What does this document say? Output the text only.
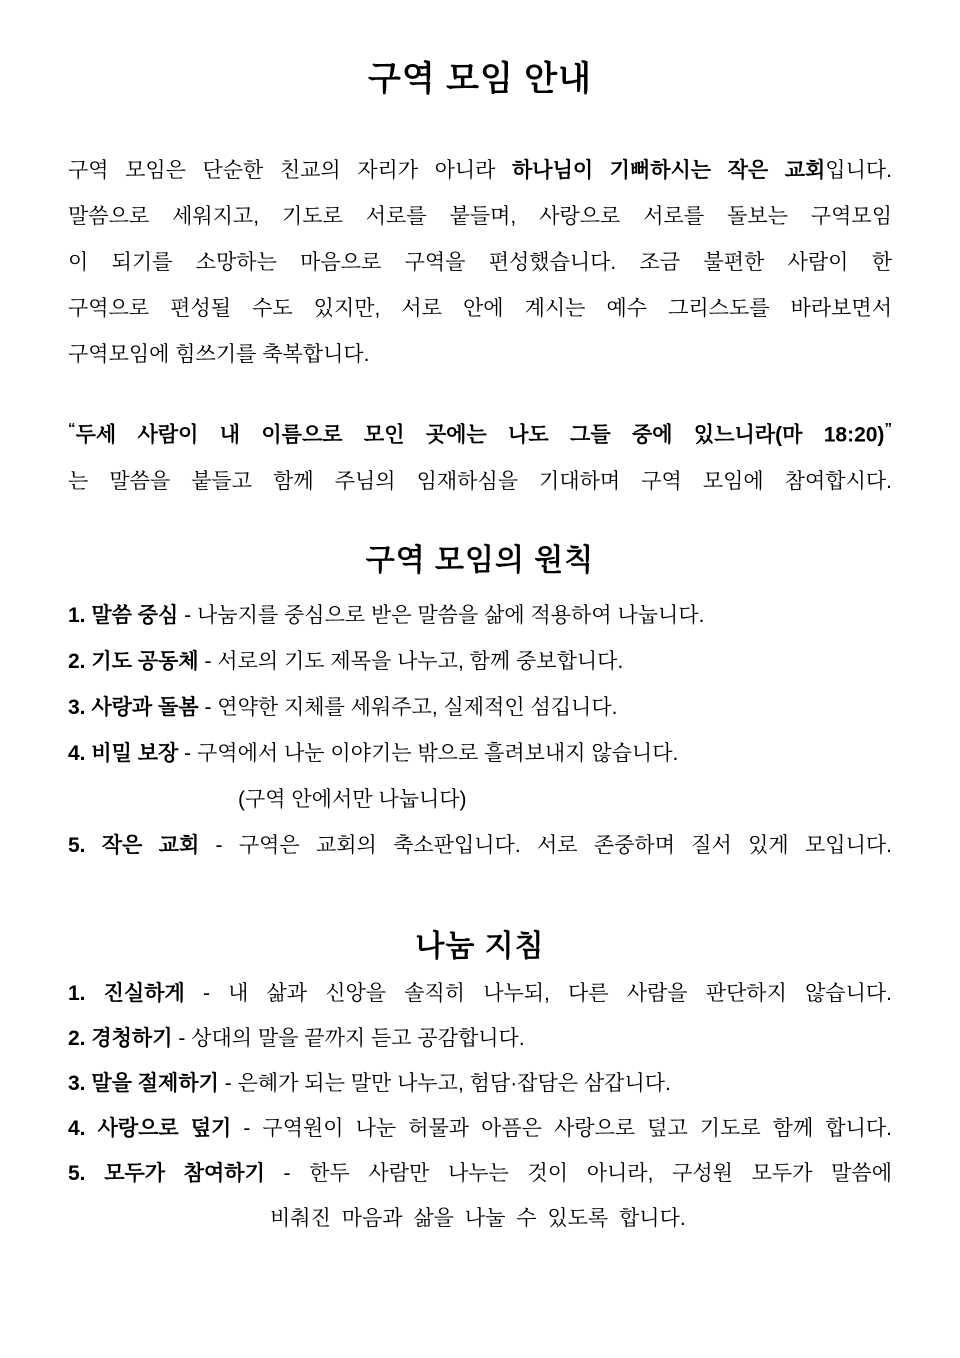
구역 모임 안내
구역 모임은 단순한 친교의 자리가 아니라 하나님이 기뻐하시는 작은 교회입니다.
말씀으로 세워지고, 기도로 서로를 붙들며, 사랑으로 서로를 돌보는 구역모임
이 되기를 소망하는 마음으로 구역을 편성했습니다. 조금 불편한 사람이 한
구역으로 편성될 수도 있지만, 서로 안에 계시는 예수 그리스도를 바라보면서
구역모임에 힘쓰기를 축복합니다.
“두세 사람이 내 이름으로 모인 곳에는 나도 그들 중에 있느니라(마 18:20)”
는 말씀을 붙들고 함께 주님의 임재하심을 기대하며 구역 모임에 참여합시다.
구역 모임의 원칙
1. 말씀 중심 - 나눔지를 중심으로 받은 말씀을 삶에 적용하여 나눕니다.
2. 기도 공동체 - 서로의 기도 제목을 나누고, 함께 중보합니다.
3. 사랑과 돌봄 - 연약한 지체를 세워주고, 실제적인 섬깁니다.
4. 비밀 보장 - 구역에서 나눈 이야기는 밖으로 흘려보내지 않습니다.
(구역 안에서만 나눕니다)
5. 작은 교회 - 구역은 교회의 축소판입니다. 서로 존중하며 질서 있게 모입니다.
나눔 지침
1. 진실하게 - 내 삶과 신앙을 솔직히 나누되, 다른 사람을 판단하지 않습니다.
2. 경청하기 - 상대의 말을 끝까지 듣고 공감합니다.
3. 말을 절제하기 - 은혜가 되는 말만 나누고, 험담·잡담은 삼갑니다.
4. 사랑으로 덮기 - 구역원이 나눈 허물과 아픔은 사랑으로 덮고 기도로 함께 합니다.
5. 모두가 참여하기 - 한두 사람만 나누는 것이 아니라, 구성원 모두가 말씀에
비춰진 마음과 삶을 나눌 수 있도록 합니다.
